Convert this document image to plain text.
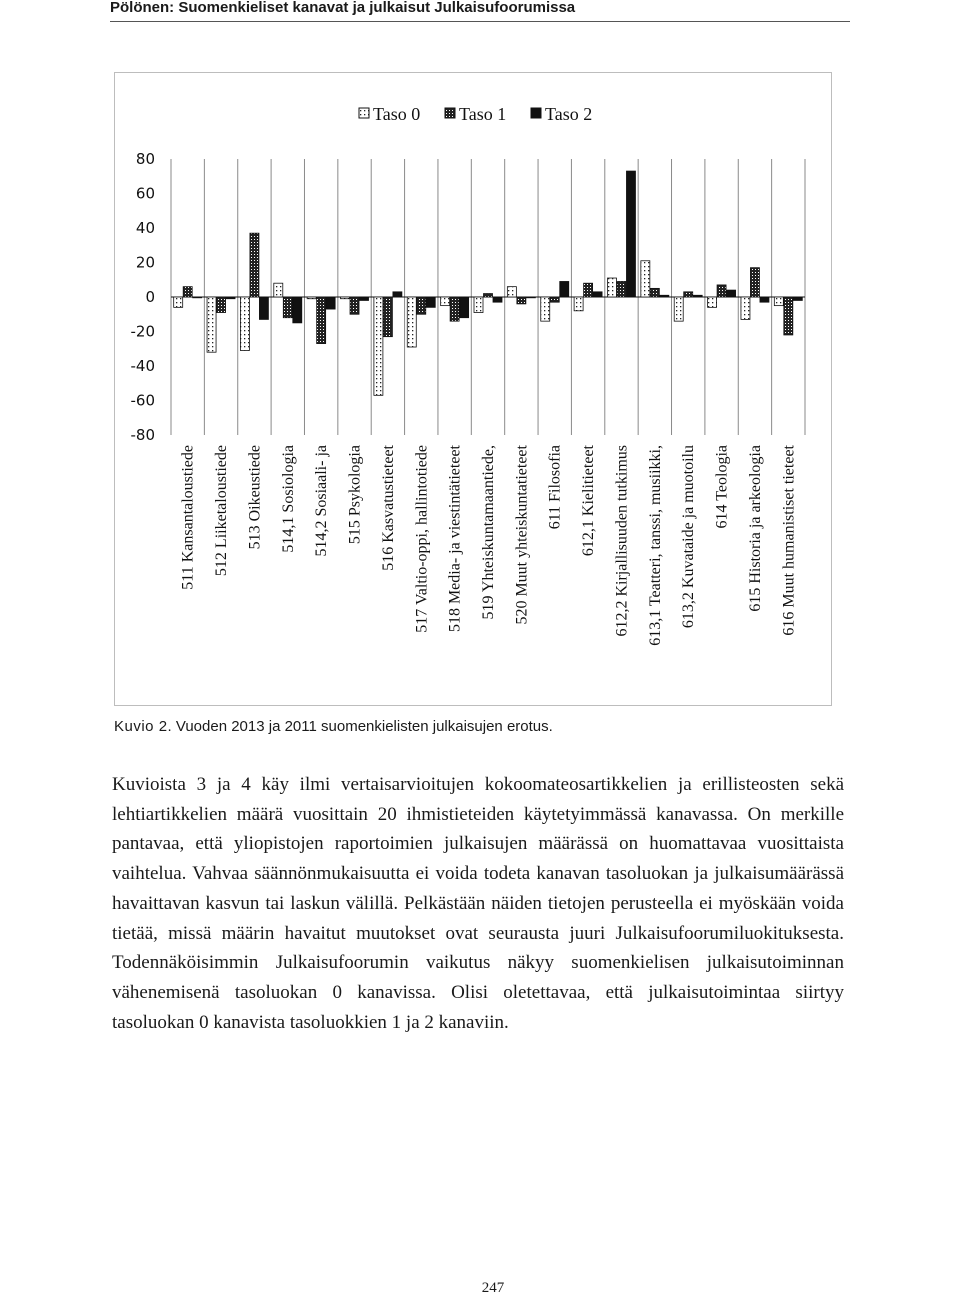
Pölönen: Suomenkieliset kanavat ja julkaisut Julkaisufoorumissa
Taso 0 Taso 1 Taso 2
80
60
40
20
0
-20
-40
-60
-80
511 Kansantaloustiede 512 Liiketaloustiede 513 Oikeustiede 514,1 Sosiologia 514,2 Sosiaali- ja 515 Psykologia 516 Kasvatustieteet 517 Valtio-oppi, hallintotiede 518 Media- ja viestintätieteet 519 Yhteiskuntamaantiede, 520 Muut yhteiskuntatieteet 611 Filosofia 612,1 Kielitieteet 612,2 Kirjallisuuden tutkimus 613,1 Teatteri, tanssi, musiikki, 613,2 Kuvataide ja muotoilu 614 Teologia 615 Historia ja arkeologia 616 Muut humanistiset tieteet
Kuvio 2. Vuoden 2013 ja 2011 suomenkielisten julkaisujen erotus.
Kuvioista 3 ja 4 käy ilmi vertaisarvioitujen kokoomateosartikkelien ja erillisteosten sekä lehtiartikkelien määrä vuosittain 20 ihmistieteiden käytetyimmässä kanavassa. On merkille pantavaa, että yliopistojen raportoimien julkaisujen määrässä on huomattavaa vuosittaista vaihtelua. Vahvaa säännönmukaisuutta ei voida todeta kanavan tasoluokan ja julkaisumäärässä havaittavan kasvun tai laskun välillä. Pelkästään näiden tietojen perusteella ei myöskään voida tietää, missä määrin havaitut muutokset ovat seurausta juuri Julkaisufoorumiluokituksesta. Todennäköisimmin Julkaisufoorumin vaikutus näkyy suomenkielisen julkaisutoiminnan vähenemisenä tasoluokan 0 kanavissa. Olisi oletettavaa, että julkaisutoimintaa siirtyy tasoluokan 0 kanavista tasoluokkien 1 ja 2 kanaviin.
247
